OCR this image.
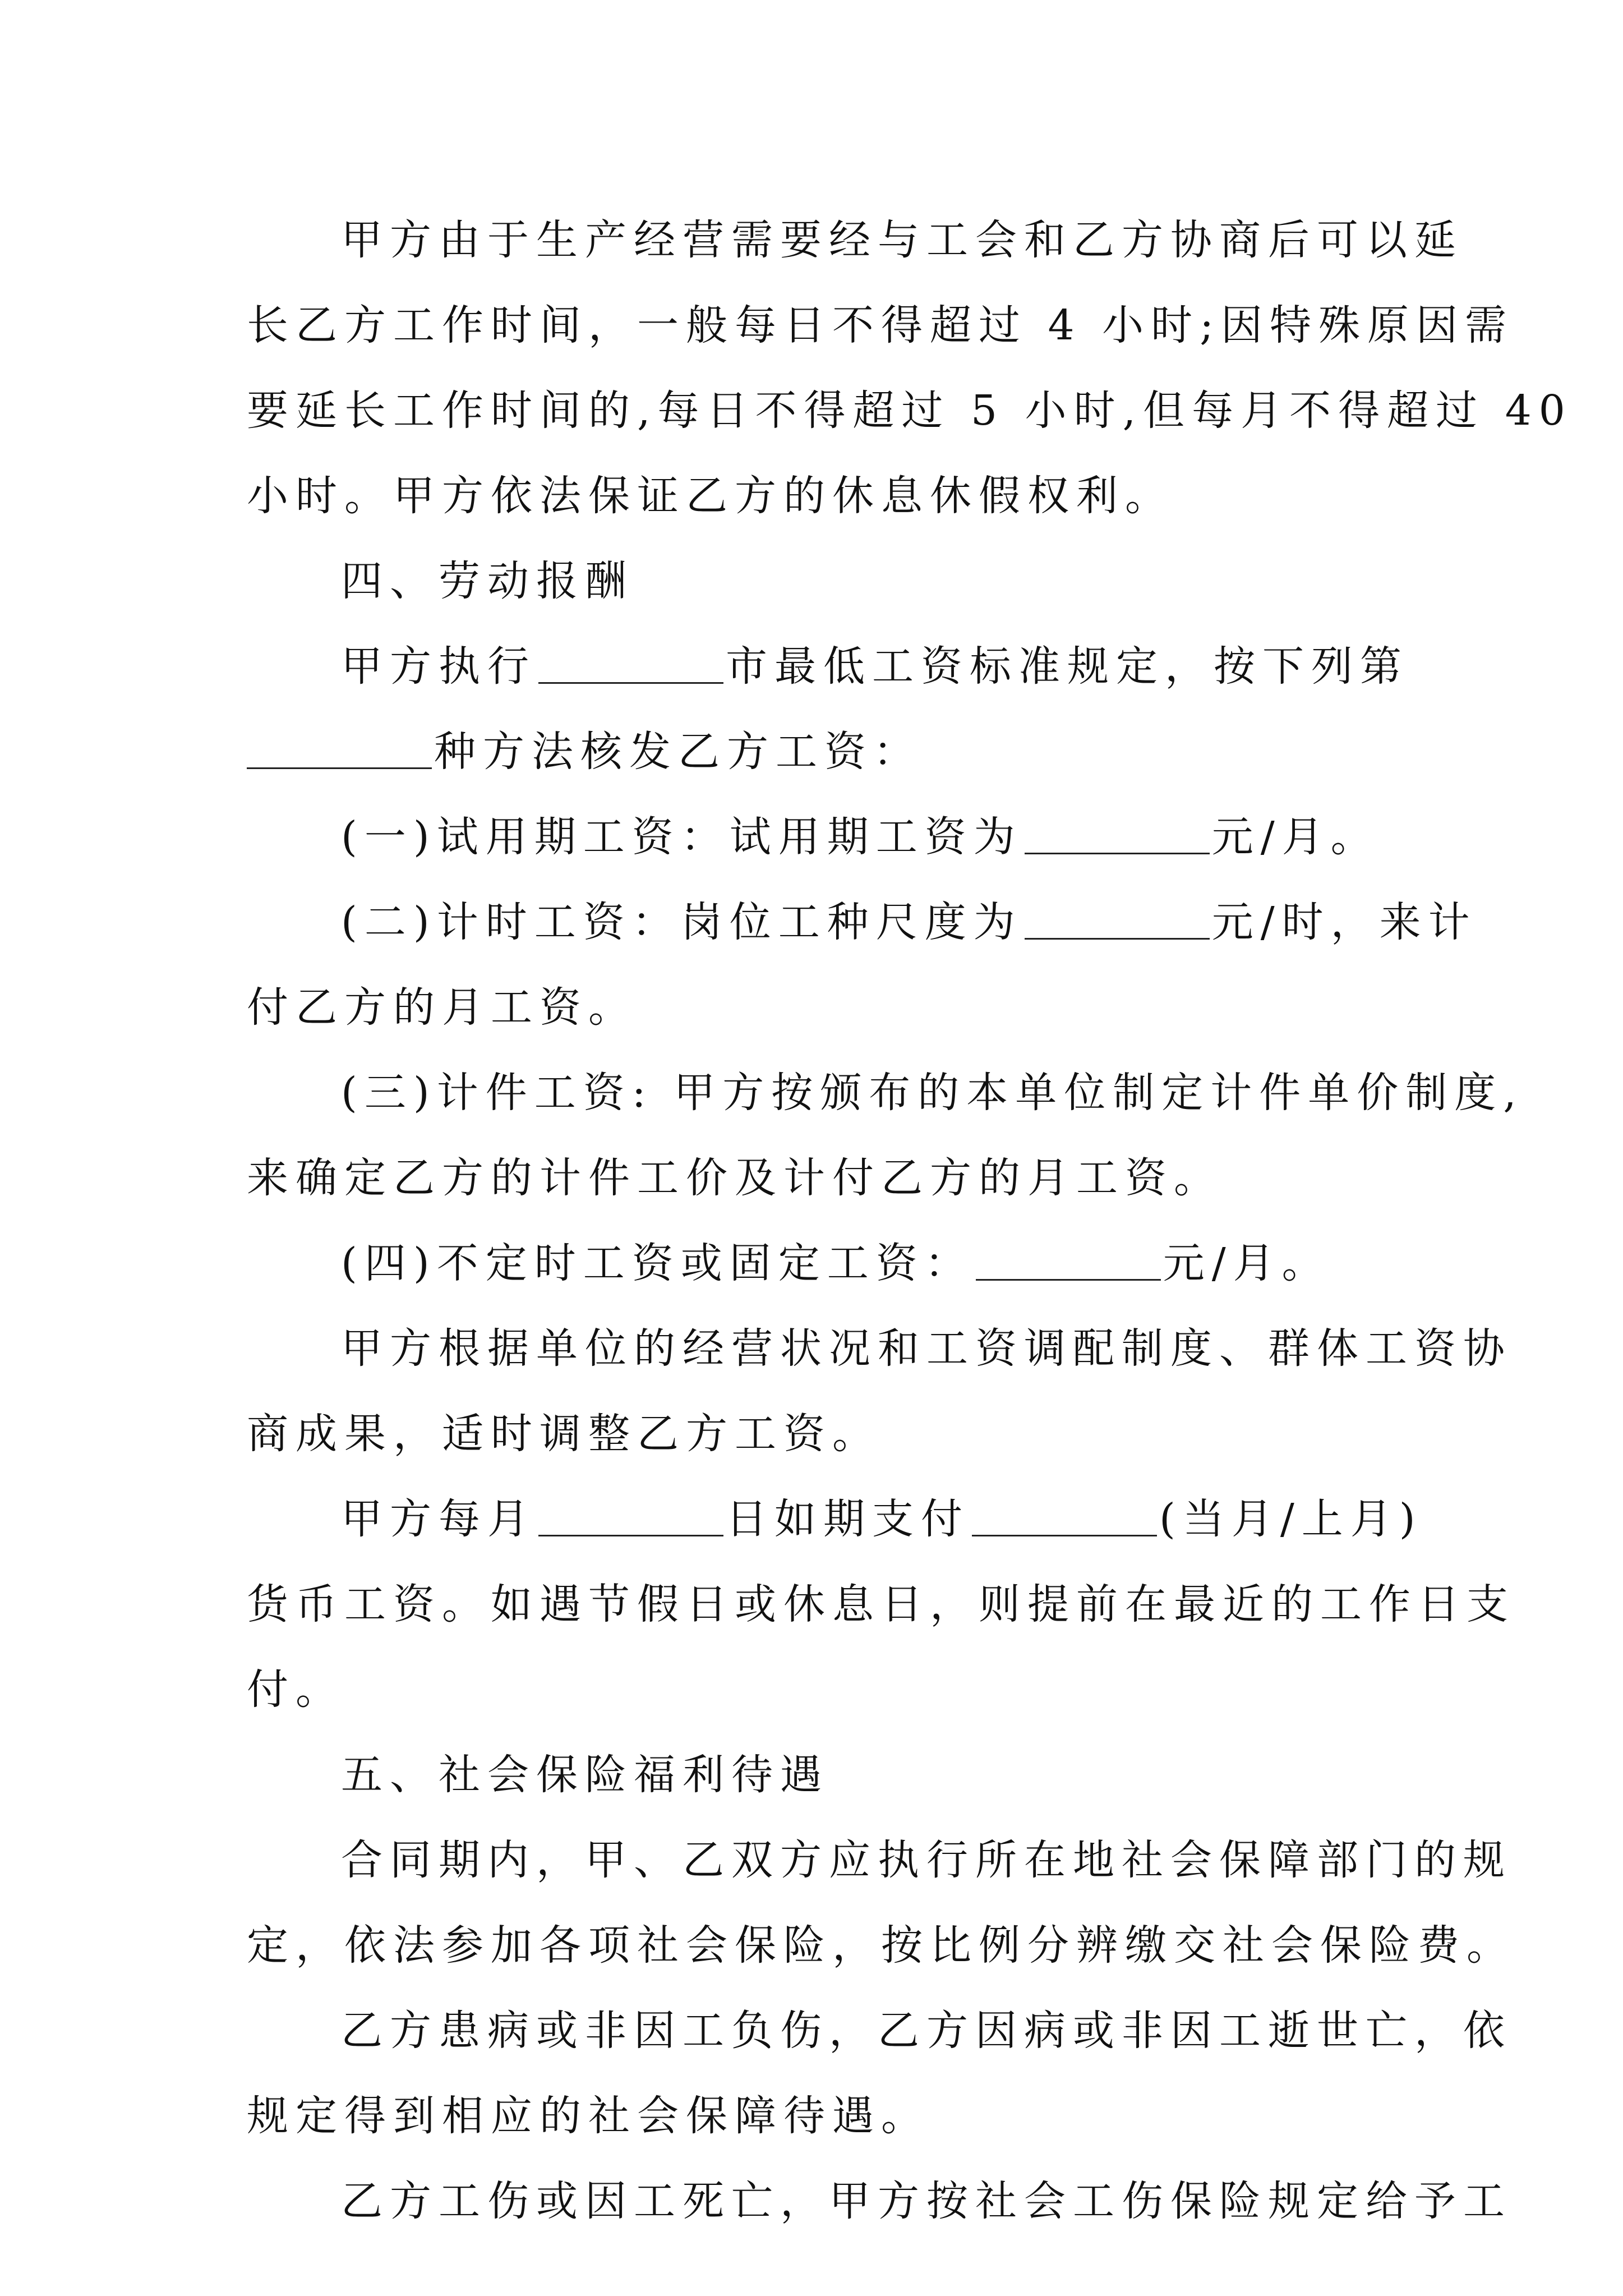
甲方由于生产经营需要经与工会和乙方协商后可以延
长乙方工作时间，一般每日不得超过 4 小时;因特殊原因需
要延长工作时间的,每日不得超过 5 小时,但每月不得超过 40
小时。甲方依法保证乙方的休息休假权利。
四、劳动报酬
甲方执行	市最低工资标准规定，按下列第
种方法核发乙方工资：
(一)试用期工资：试用期工资为	元/月。
(二)计时工资：岗位工种尺度为	元/时，来计
付乙方的月工资。
(三)计件工资: 甲方按颁布的本单位制定计件单价制度,
来确定乙方的计件工价及计付乙方的月工资。
(四)不定时工资或固定工资：	元/月。
甲方根据单位的经营状况和工资调配制度、群体工资协
商成果，适时调整乙方工资。
甲方每月	日如期支付	(当月/上月)
货币工资。如遇节假日或休息日，则提前在最近的工作日支
付。
五、社会保险福利待遇
合同期内，甲、乙双方应执行所在地社会保障部门的规
定，依法参加各项社会保险，按比例分辨缴交社会保险费。
乙方患病或非因工负伤，乙方因病或非因工逝世亡，依
规定得到相应的社会保障待遇。
乙方工伤或因工死亡，甲方按社会工伤保险规定给予工
